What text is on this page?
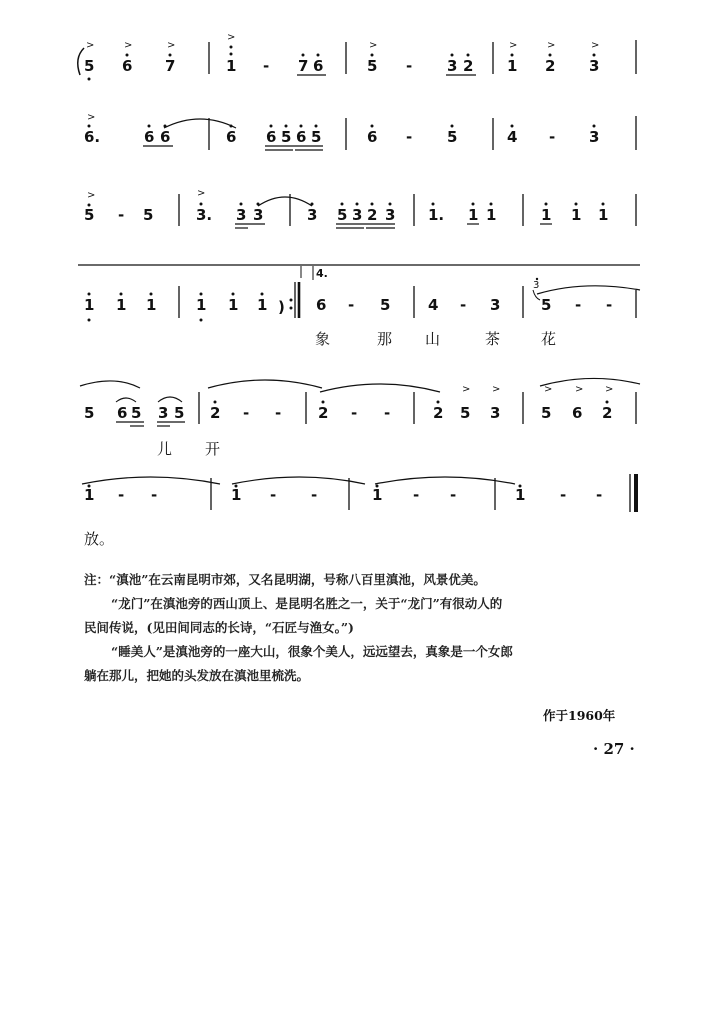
>
5
>
6
>
7
>
1 - 7 6
>
5 - 3 2
>
1
>
2
>
3
>
6.	6 6	6 6 5 6 5	6 - 5	4 - 3
>
5 - 5
>
3. 3 3	3 5 3 2 3 1. 1 1	1 1 1
1 1 1	1 1 1 )
4.
6 - 5	4 - 3
3
5 - -
象	那 山	茶	花
5 6 5 3 5 2 - - 2 - -	2
>
5
>
3
>
5
>
6
>
2
儿 开
1 - -	1 - -	1 - -	1 - -
放。

注：“滇池”在云南昆明市郊，又名昆明湖，号称八百里滇池，风景优美。

“龙门”在滇池旁的西山顶上、是昆明名胜之一，关于“龙门”有很动人的

民间传说，(见田间同志的长诗，“石匠与渔女。”)

“睡美人”是滇池旁的一座大山，很象个美人，远远望去，真象是一个女郎

躺在那儿，把她的头发放在滇池里梳洗。

作于1960年
· 27 ·
